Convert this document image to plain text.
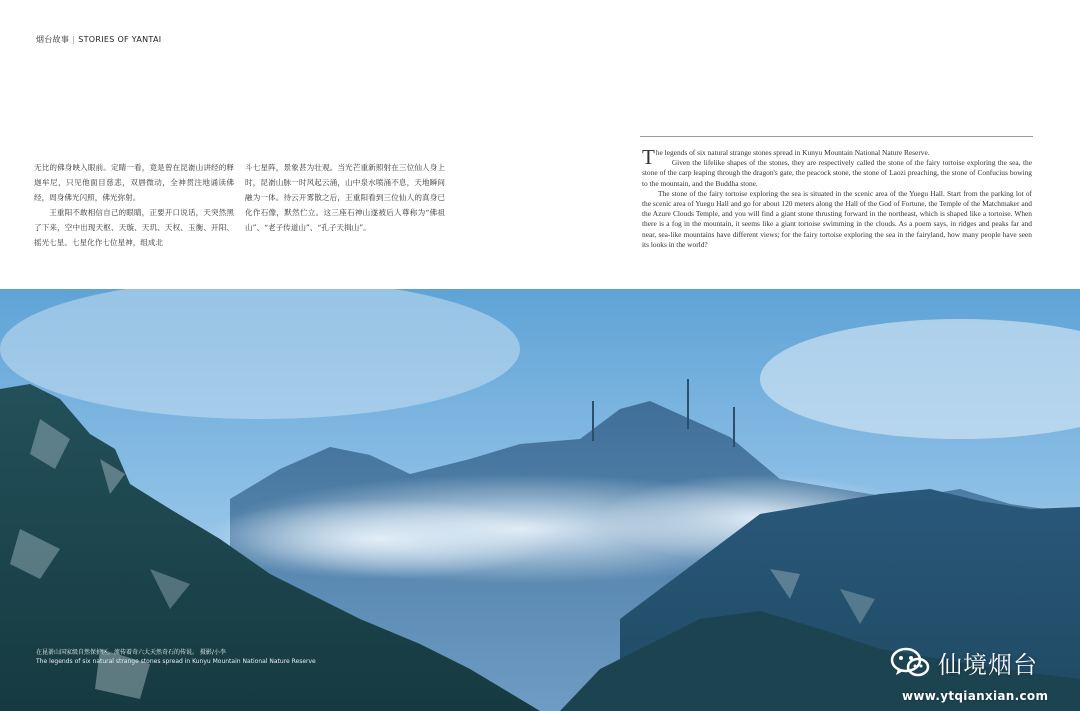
烟台故事 | STORIES OF YANTAI

无比的佛身映入眼前。定睛一看，竟是曾在昆嵛山讲经的释迦牟尼，只见他面目慈悲，双唇微动，全神贯注地诵读佛经，周身佛光闪照，佛光弥射。

王重阳不敢相信自己的眼睛，正要开口说话，天突然黑了下来，空中出现天枢、天璇、天玑、天权、玉衡、开阳、摇光七星。七星化作七位星神，组成北

斗七星阵，景象甚为壮观。当光芒重新照射在三位仙人身上时，昆嵛山脉一时风起云涌，山中泉水喷涌不息，天地瞬间融为一体。待云开雾散之后，王重阳看到三位仙人的真身已化作石像，默然伫立。这三座石神山遂被后人尊称为“佛祖山”、“老子传道山”、“孔子天揖山”。

The legends of six natural strange stones spread in Kunyu Mountain National Nature Reserve.

Given the lifelike shapes of the stones, they are respectively called the stone of the fairy tortoise exploring the sea, the stone of the carp leaping through the dragon's gate, the peacock stone, the stone of Laozi preaching, the stone of Confucius bowing to the mountain, and the Buddha stone.

The stone of the fairy tortoise exploring the sea is situated in the scenic area of the Yuegu Hall. Start from the parking lot of the scenic area of Yuegu Hall and go for about 120 meters along the Hall of the God of Fortune, the Temple of the Matchmaker and the Azure Clouds Temple, and you will find a giant stone thrusting forward in the northeast, which is shaped like a tortoise. When there is a fog in the mountain, it seems like a giant tortoise swimming in the clouds. As a poem says, in ridges and peaks far and near, sea-like mountains have different views; for the fairy tortoise exploring the sea in the fairyland, how many people have seen its looks in the world?

在昆嵛山国家级自然保护区，流传着奇六大天然奇石的传说。 摄影/小李
The legends of six natural strange stones spread in Kunyu Mountain National Nature Reserve	仙境烟台
www.ytqianxian.com
